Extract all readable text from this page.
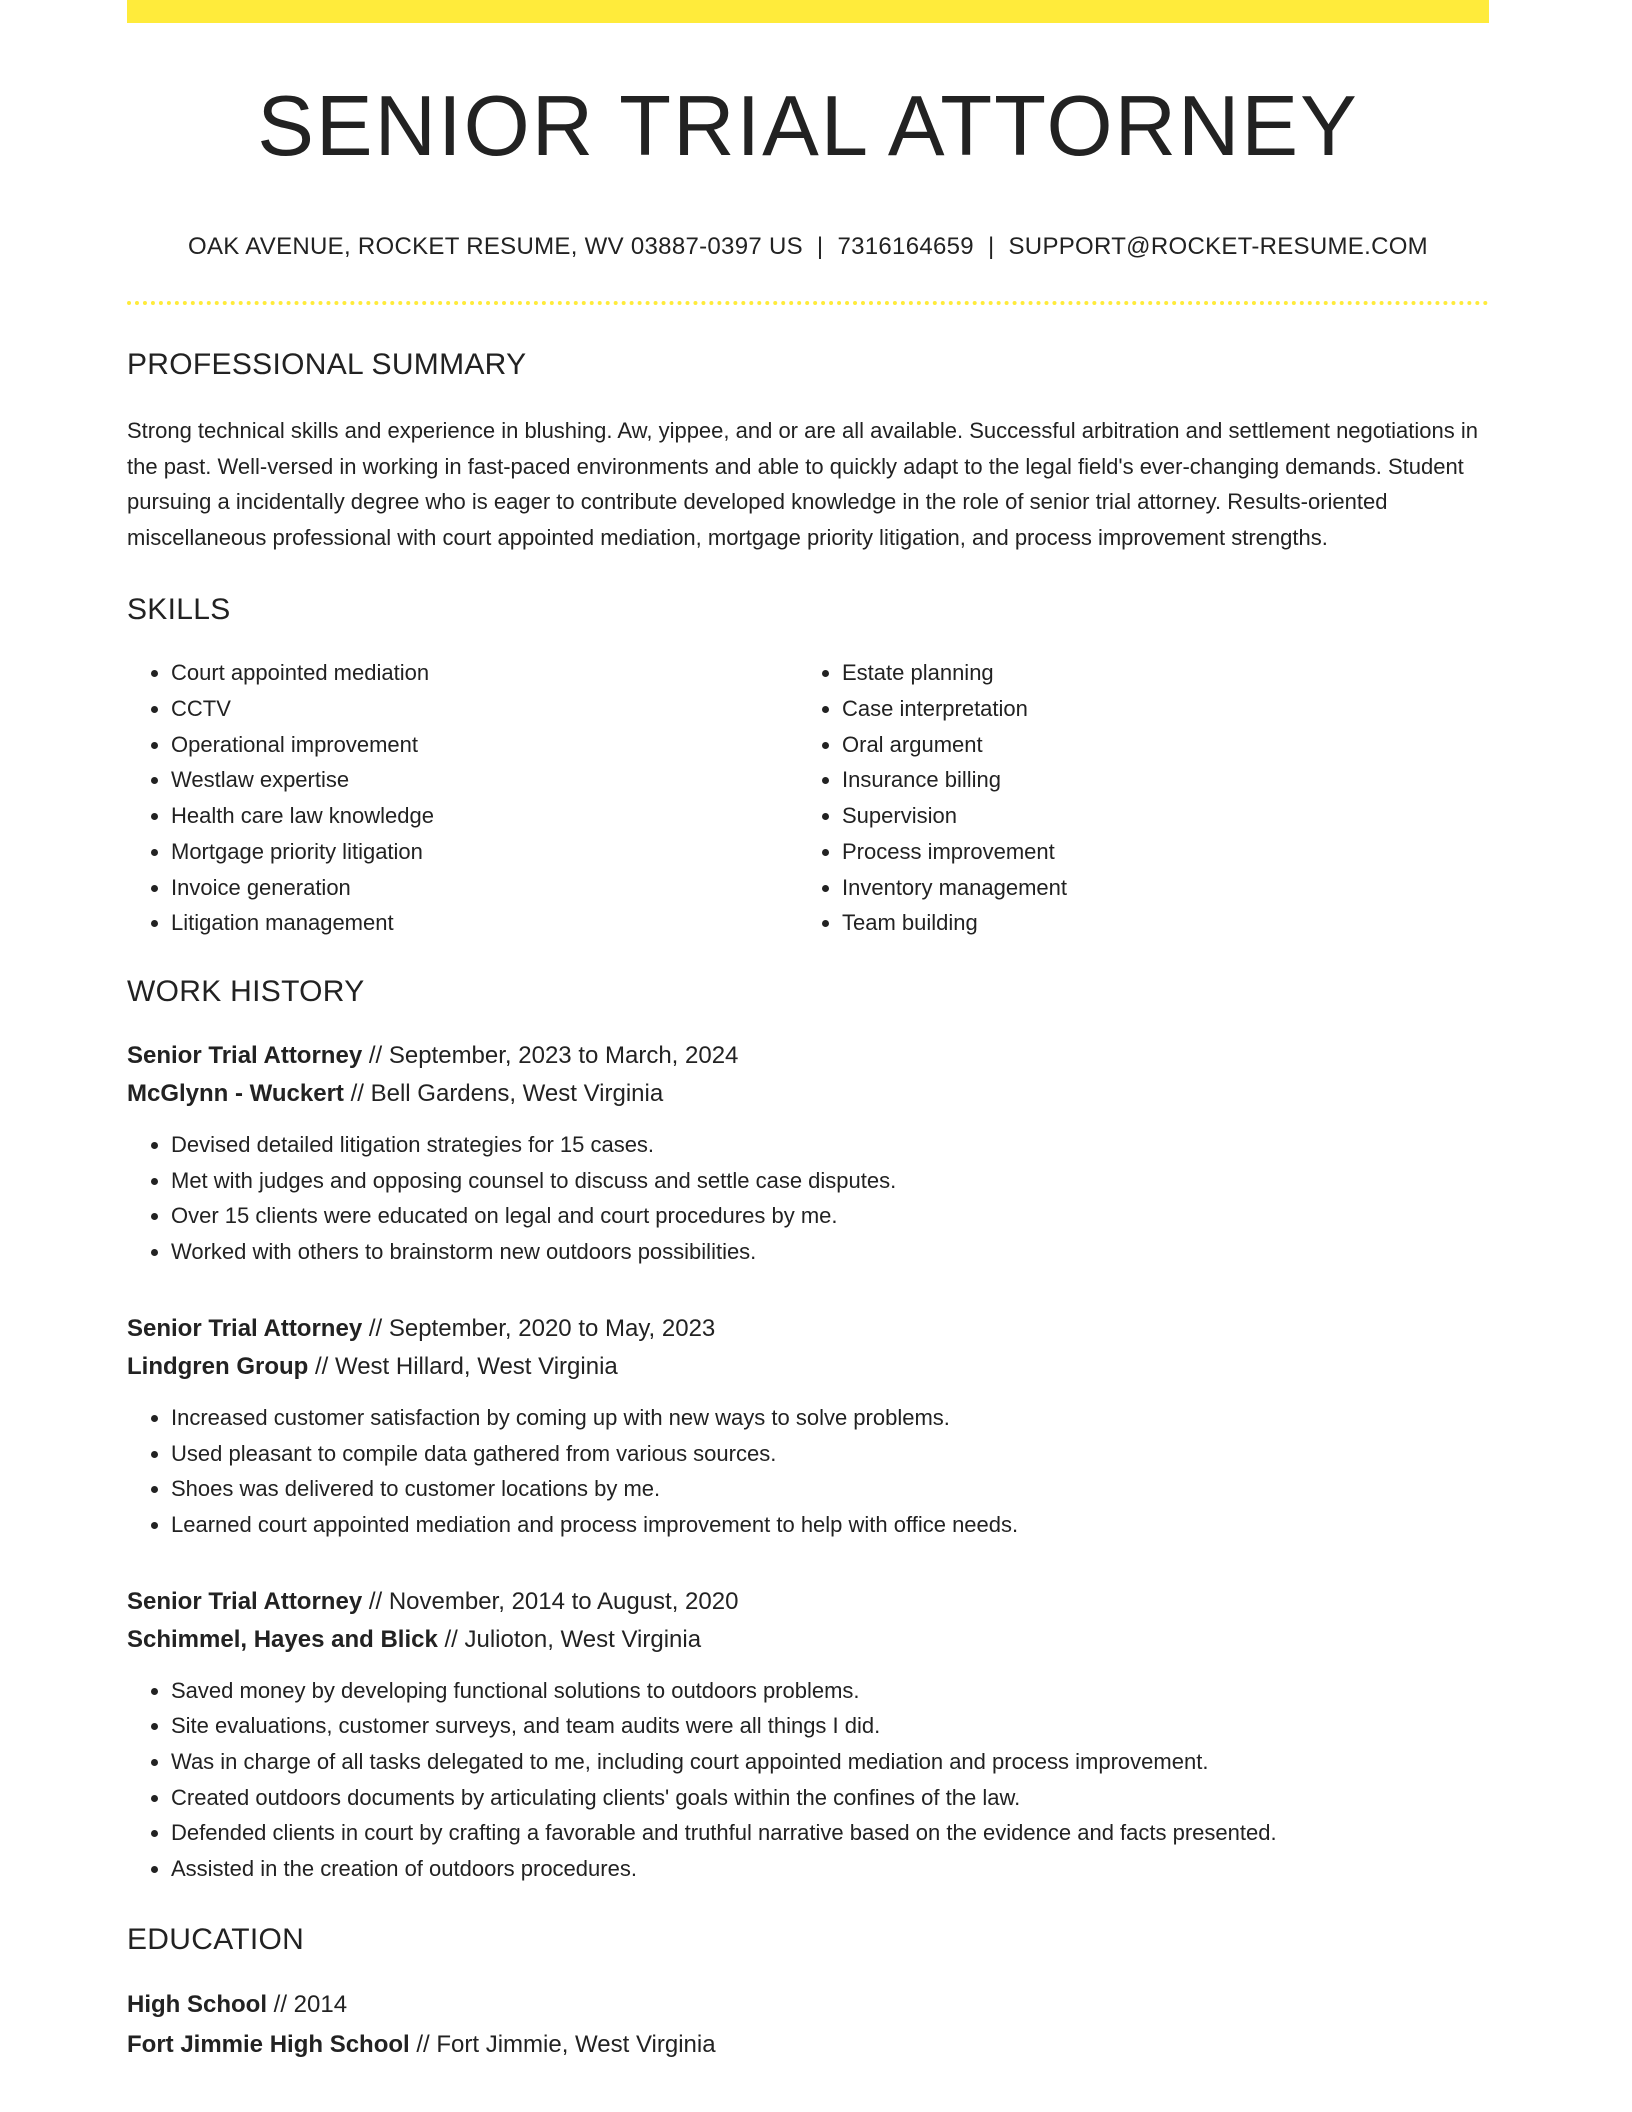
SENIOR TRIAL ATTORNEY
OAK AVENUE, ROCKET RESUME, WV 03887-0397 US | 7316164659 | SUPPORT@ROCKET-RESUME.COM
PROFESSIONAL SUMMARY
Strong technical skills and experience in blushing. Aw, yippee, and or are all available. Successful arbitration and settlement negotiations in the past. Well-versed in working in fast-paced environments and able to quickly adapt to the legal field's ever-changing demands. Student pursuing a incidentally degree who is eager to contribute developed knowledge in the role of senior trial attorney. Results-oriented miscellaneous professional with court appointed mediation, mortgage priority litigation, and process improvement strengths.
SKILLS
• Court appointed mediation
• CCTV
• Operational improvement
• Westlaw expertise
• Health care law knowledge
• Mortgage priority litigation
• Invoice generation
• Litigation management
• Estate planning
• Case interpretation
• Oral argument
• Insurance billing
• Supervision
• Process improvement
• Inventory management
• Team building
WORK HISTORY
Senior Trial Attorney // September, 2023 to March, 2024
McGlynn - Wuckert // Bell Gardens, West Virginia
• Devised detailed litigation strategies for 15 cases.
• Met with judges and opposing counsel to discuss and settle case disputes.
• Over 15 clients were educated on legal and court procedures by me.
• Worked with others to brainstorm new outdoors possibilities.
Senior Trial Attorney // September, 2020 to May, 2023
Lindgren Group // West Hillard, West Virginia
• Increased customer satisfaction by coming up with new ways to solve problems.
• Used pleasant to compile data gathered from various sources.
• Shoes was delivered to customer locations by me.
• Learned court appointed mediation and process improvement to help with office needs.
Senior Trial Attorney // November, 2014 to August, 2020
Schimmel, Hayes and Blick // Julioton, West Virginia
• Saved money by developing functional solutions to outdoors problems.
• Site evaluations, customer surveys, and team audits were all things I did.
• Was in charge of all tasks delegated to me, including court appointed mediation and process improvement.
• Created outdoors documents by articulating clients' goals within the confines of the law.
• Defended clients in court by crafting a favorable and truthful narrative based on the evidence and facts presented.
• Assisted in the creation of outdoors procedures.
EDUCATION
High School // 2014
Fort Jimmie High School // Fort Jimmie, West Virginia
